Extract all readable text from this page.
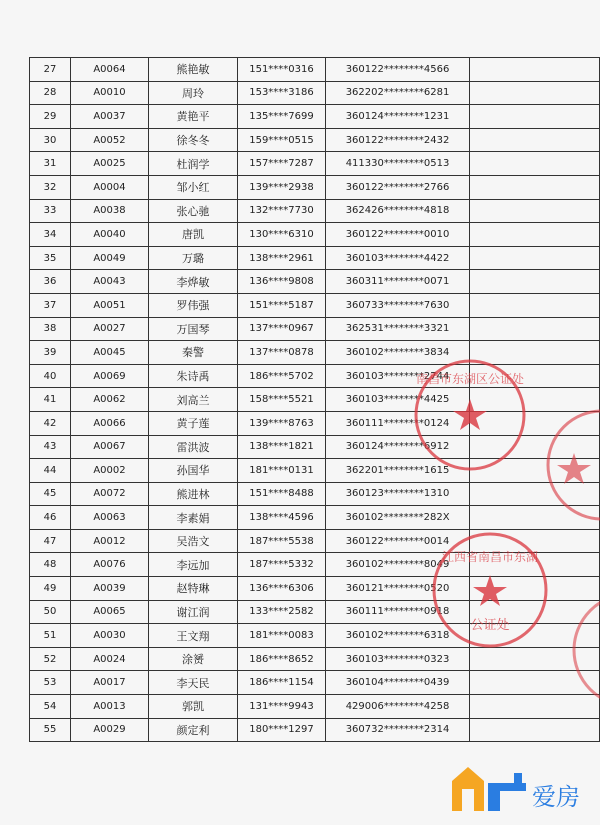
27	A0064	熊艳敏	151****0316	360122********4566	
28	A0010	周玲	153****3186	362202********6281	
29	A0037	黄艳平	135****7699	360124********1231	
30	A0052	徐冬冬	159****0515	360122********2432	
31	A0025	杜润学	157****7287	411330********0513	
32	A0004	邹小红	139****2938	360122********2766	
33	A0038	张心驰	132****7730	362426********4818	
34	A0040	唐凯	130****6310	360122********0010	
35	A0049	万璐	138****2961	360103********4422	
36	A0043	李烨敏	136****9808	360311********0071	
37	A0051	罗伟强	151****5187	360733********7630	
38	A0027	万国琴	137****0967	362531********3321	
39	A0045	秦警	137****0878	360102********3834	
40	A0069	朱诗禹	186****5702	360103********2744	
41	A0062	刘高兰	158****5521	360103********4425	
42	A0066	黄子莲	139****8763	360111********0124	
43	A0067	雷洪波	138****1821	360124********6912	
44	A0002	孙国华	181****0131	362201********1615	
45	A0072	熊进林	151****8488	360123********1310	
46	A0063	李素娟	138****4596	360102********282X	
47	A0012	吴浩文	187****5538	360122********0014	
48	A0076	李远加	187****5332	360102********8049	
49	A0039	赵特琳	136****6306	360121********0520	
50	A0065	谢江润	133****2582	360111********0918	
51	A0030	王文翔	181****0083	360102********6318	
52	A0024	涂赟	186****8652	360103********0323	
53	A0017	李天民	186****1154	360104********0439	
54	A0013	郭凯	131****9943	429006********4258	
55	A0029	颜定利	180****1297	360732********2314	
南昌市东湖区公证处
江西省南昌市东湖
公证处
爱房
